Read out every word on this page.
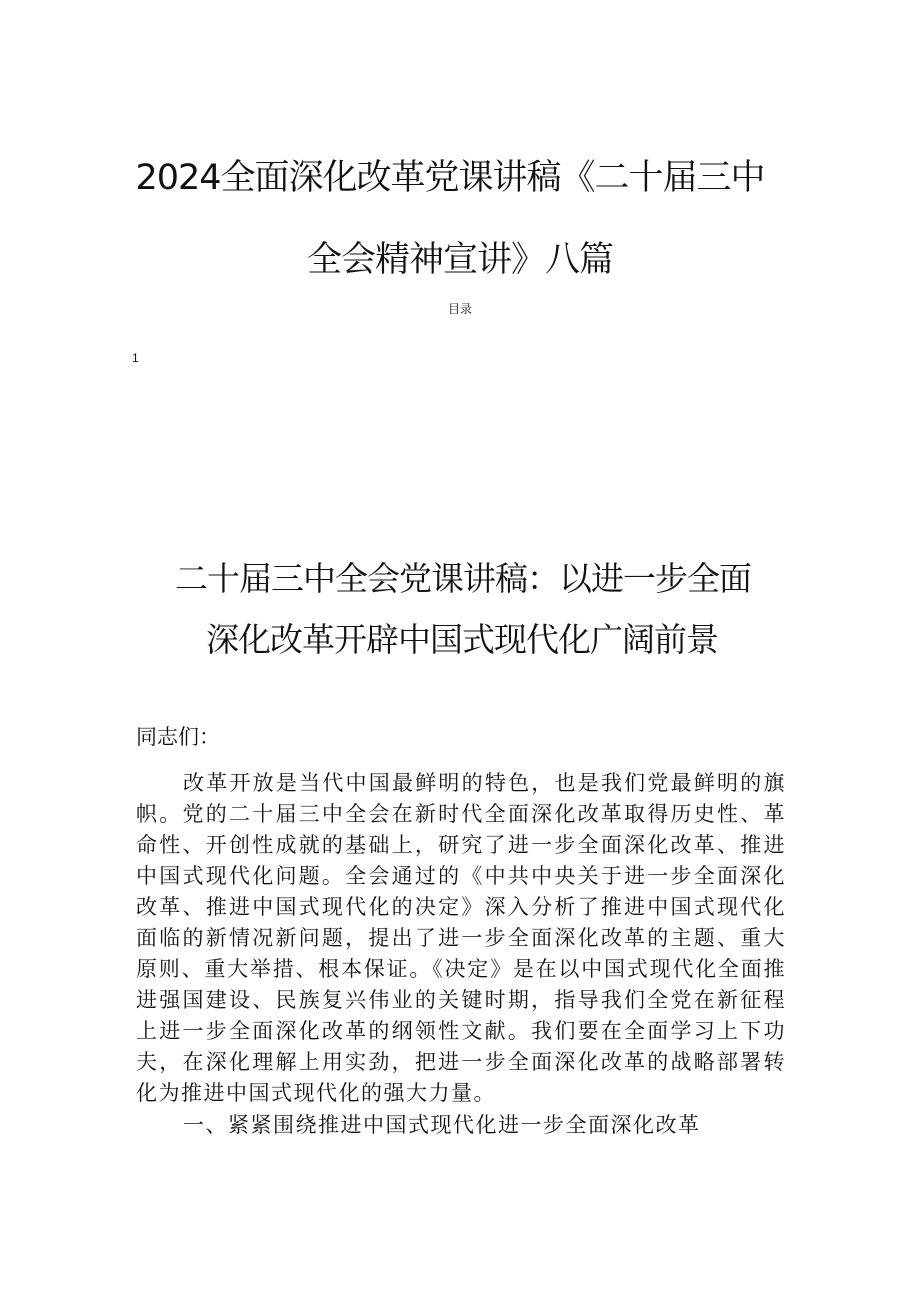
2024全面深化改革党课讲稿《二十届三中
全会精神宣讲》八篇
目录
1
二十届三中全会党课讲稿：以进一步全面
深化改革开辟中国式现代化广阔前景
同志们：
改革开放是当代中国最鲜明的特色，也是我们党最鲜明的旗帜。党的二十届三中全会在新时代全面深化改革取得历史性、革命性、开创性成就的基础上，研究了进一步全面深化改革、推进中国式现代化问题。全会通过的《中共中央关于进一步全面深化改革、推进中国式现代化的决定》深入分析了推进中国式现代化面临的新情况新问题，提出了进一步全面深化改革的主题、重大原则、重大举措、根本保证。《决定》是在以中国式现代化全面推进强国建设、民族复兴伟业的关键时期，指导我们全党在新征程上进一步全面深化改革的纲领性文献。我们要在全面学习上下功夫，在深化理解上用实劲，把进一步全面深化改革的战略部署转化为推进中国式现代化的强大力量。
一、紧紧围绕推进中国式现代化进一步全面深化改革
